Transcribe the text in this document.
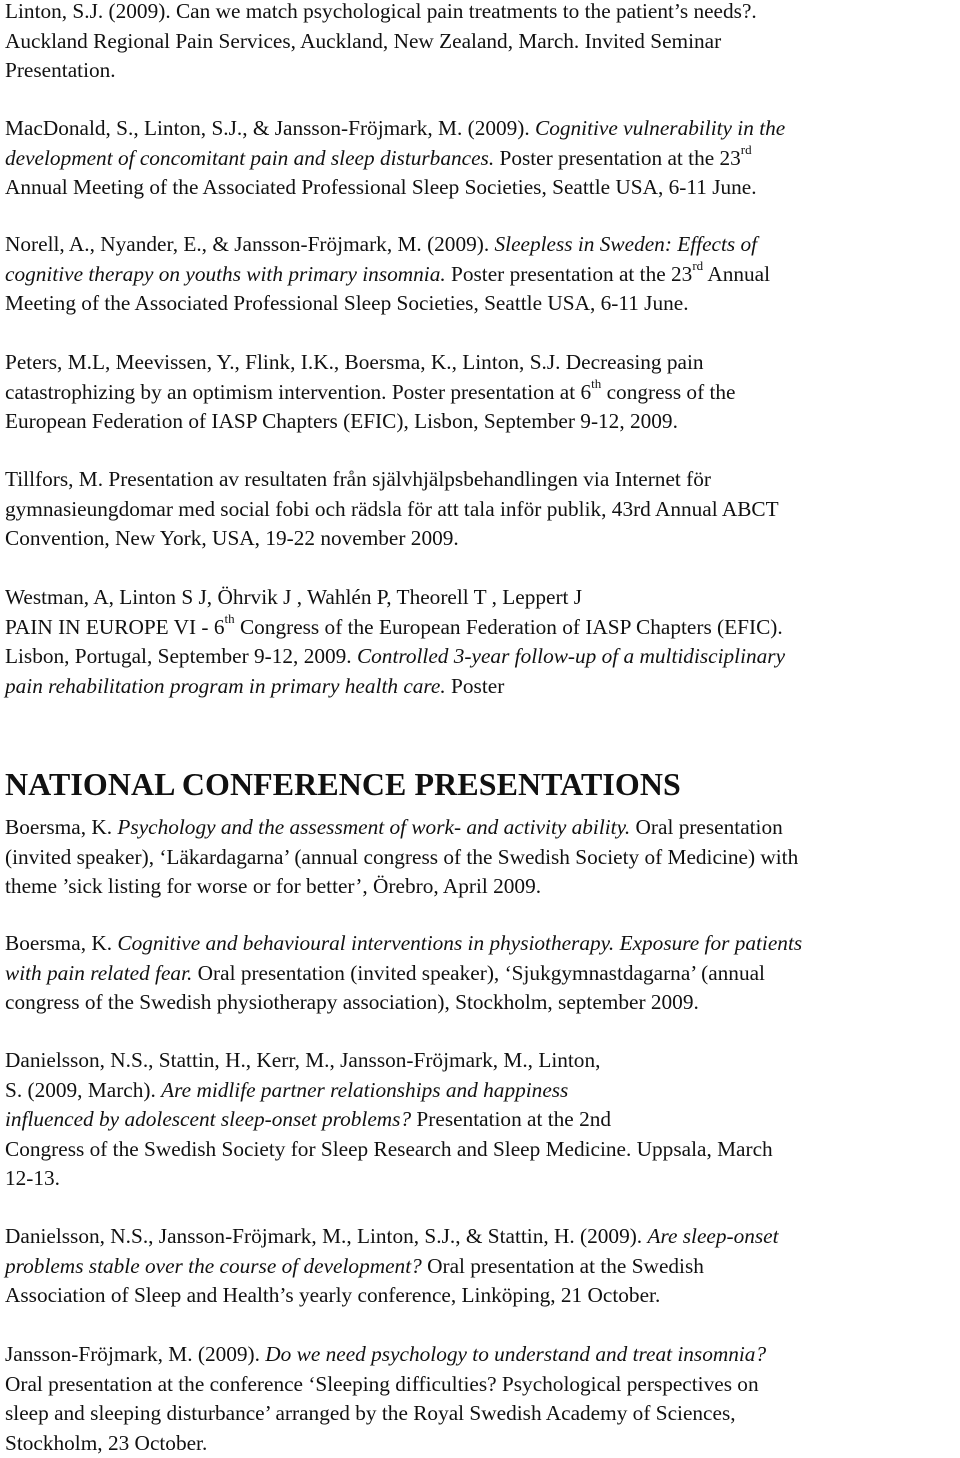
Linton, S.J. (2009). Can we match psychological pain treatments to the patient’s needs?.
Auckland Regional Pain Services, Auckland, New Zealand, March. Invited Seminar
Presentation.
MacDonald, S., Linton, S.J., & Jansson-Fröjmark, M. (2009). Cognitive vulnerability in the
development of concomitant pain and sleep disturbances. Poster presentation at the 23rd
Annual Meeting of the Associated Professional Sleep Societies, Seattle USA, 6-11 June.
Norell, A., Nyander, E., & Jansson-Fröjmark, M. (2009). Sleepless in Sweden: Effects of
cognitive therapy on youths with primary insomnia. Poster presentation at the 23rd Annual
Meeting of the Associated Professional Sleep Societies, Seattle USA, 6-11 June.
Peters, M.L, Meevissen, Y., Flink, I.K., Boersma, K., Linton, S.J. Decreasing pain
catastrophizing by an optimism intervention. Poster presentation at 6th congress of the
European Federation of IASP Chapters (EFIC), Lisbon, September 9-12, 2009.
Tillfors, M. Presentation av resultaten från självhjälpsbehandlingen via Internet för
gymnasieungdomar med social fobi och rädsla för att tala inför publik, 43rd Annual ABCT
Convention, New York, USA, 19-22 november 2009.
Westman, A, Linton S J, Öhrvik J , Wahlén P, Theorell T , Leppert J
PAIN IN EUROPE VI - 6th Congress of the European Federation of IASP Chapters (EFIC).
Lisbon, Portugal, September 9-12, 2009. Controlled 3-year follow-up of a multidisciplinary
pain rehabilitation program in primary health care. Poster
NATIONAL CONFERENCE PRESENTATIONS
Boersma, K. Psychology and the assessment of work- and activity ability. Oral presentation
(invited speaker), ‘Läkardagarna’ (annual congress of the Swedish Society of Medicine) with
theme ’sick listing for worse or for better’, Örebro, April 2009.
Boersma, K. Cognitive and behavioural interventions in physiotherapy. Exposure for patients
with pain related fear. Oral presentation (invited speaker), ‘Sjukgymnastdagarna’ (annual
congress of the Swedish physiotherapy association), Stockholm, september 2009.
Danielsson, N.S., Stattin, H., Kerr, M., Jansson-Fröjmark, M., Linton,
S. (2009, March). Are midlife partner relationships and happiness
influenced by adolescent sleep-onset problems? Presentation at the 2nd
Congress of the Swedish Society for Sleep Research and Sleep Medicine. Uppsala, March
12-13.
Danielsson, N.S., Jansson-Fröjmark, M., Linton, S.J., & Stattin, H. (2009). Are sleep-onset
problems stable over the course of development? Oral presentation at the Swedish
Association of Sleep and Health’s yearly conference, Linköping, 21 October.
Jansson-Fröjmark, M. (2009). Do we need psychology to understand and treat insomnia?
Oral presentation at the conference ‘Sleeping difficulties? Psychological perspectives on
sleep and sleeping disturbance’ arranged by the Royal Swedish Academy of Sciences,
Stockholm, 23 October.
